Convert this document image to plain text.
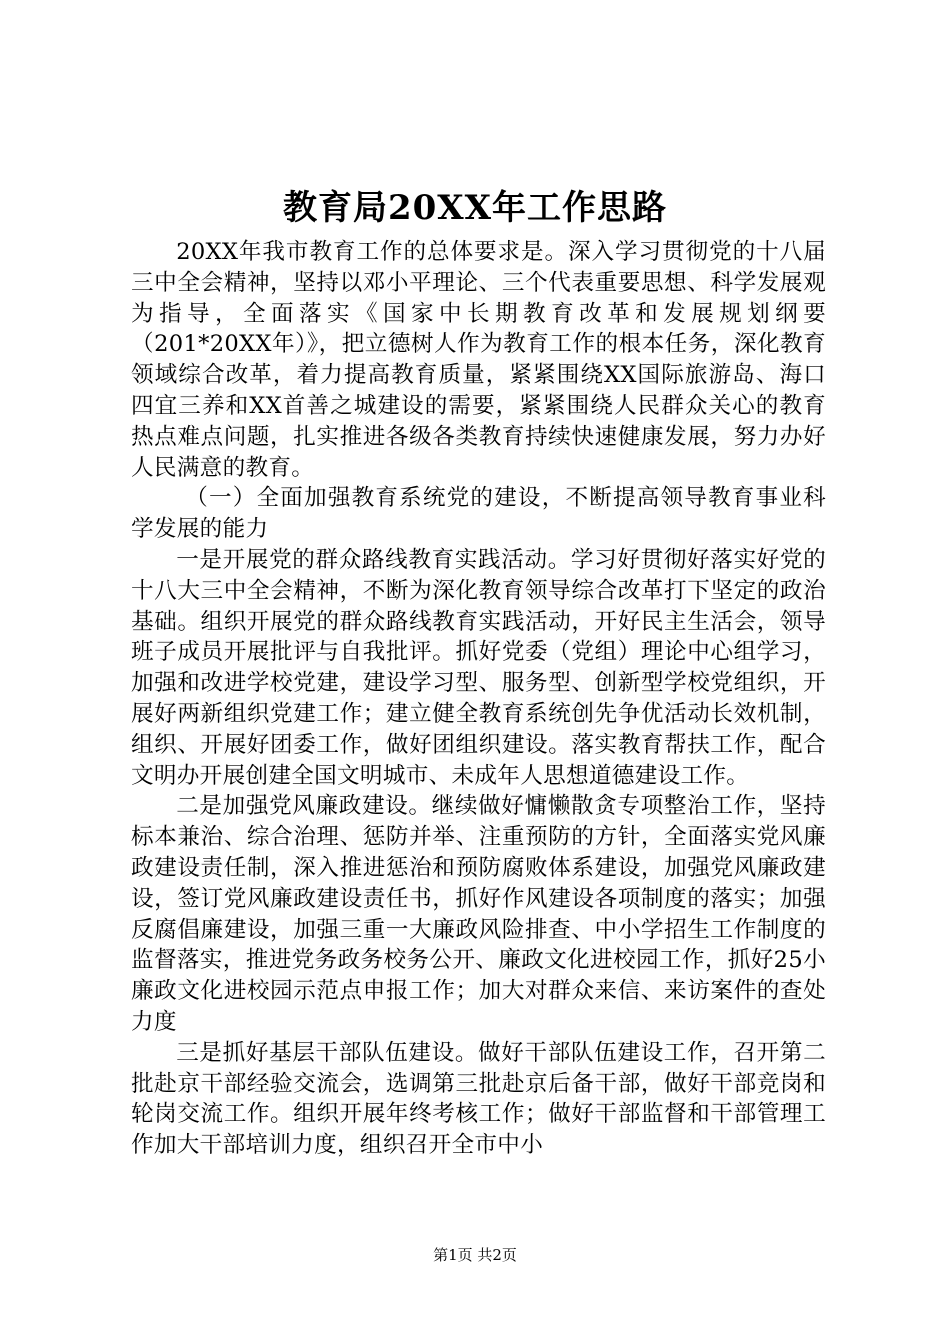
教育局20XX年工作思路

20XX年我市教育工作的总体要求是。深入学习贯彻党的十八届三中全会精神，坚持以邓小平理论、三个代表重要思想、科学发展观为指导，全面落实《国家中长期教育改革和发展规划纲要（201*20XX年）》，把立德树人作为教育工作的根本任务，深化教育领域综合改革，着力提高教育质量，紧紧围绕XX国际旅游岛、海口四宜三养和XX首善之城建设的需要，紧紧围绕人民群众关心的教育热点难点问题，扎实推进各级各类教育持续快速健康发展，努力办好人民满意的教育。

（一）全面加强教育系统党的建设，不断提高领导教育事业科学发展的能力

一是开展党的群众路线教育实践活动。学习好贯彻好落实好党的十八大三中全会精神，不断为深化教育领导综合改革打下坚定的政治基础。组织开展党的群众路线教育实践活动，开好民主生活会，领导班子成员开展批评与自我批评。抓好党委（党组）理论中心组学习，加强和改进学校党建，建设学习型、服务型、创新型学校党组织，开展好两新组织党建工作；建立健全教育系统创先争优活动长效机制，组织、开展好团委工作，做好团组织建设。落实教育帮扶工作，配合文明办开展创建全国文明城市、未成年人思想道德建设工作。

二是加强党风廉政建设。继续做好慵懒散贪专项整治工作，坚持标本兼治、综合治理、惩防并举、注重预防的方针，全面落实党风廉政建设责任制，深入推进惩治和预防腐败体系建设，加强党风廉政建设，签订党风廉政建设责任书，抓好作风建设各项制度的落实；加强反腐倡廉建设，加强三重一大廉政风险排查、中小学招生工作制度的监督落实，推进党务政务校务公开、廉政文化进校园工作，抓好25小廉政文化进校园示范点申报工作；加大对群众来信、来访案件的查处力度

三是抓好基层干部队伍建设。做好干部队伍建设工作，召开第二批赴京干部经验交流会，选调第三批赴京后备干部，做好干部竞岗和轮岗交流工作。组织开展年终考核工作；做好干部监督和干部管理工作加大干部培训力度，组织召开全市中小

第1页 共2页
